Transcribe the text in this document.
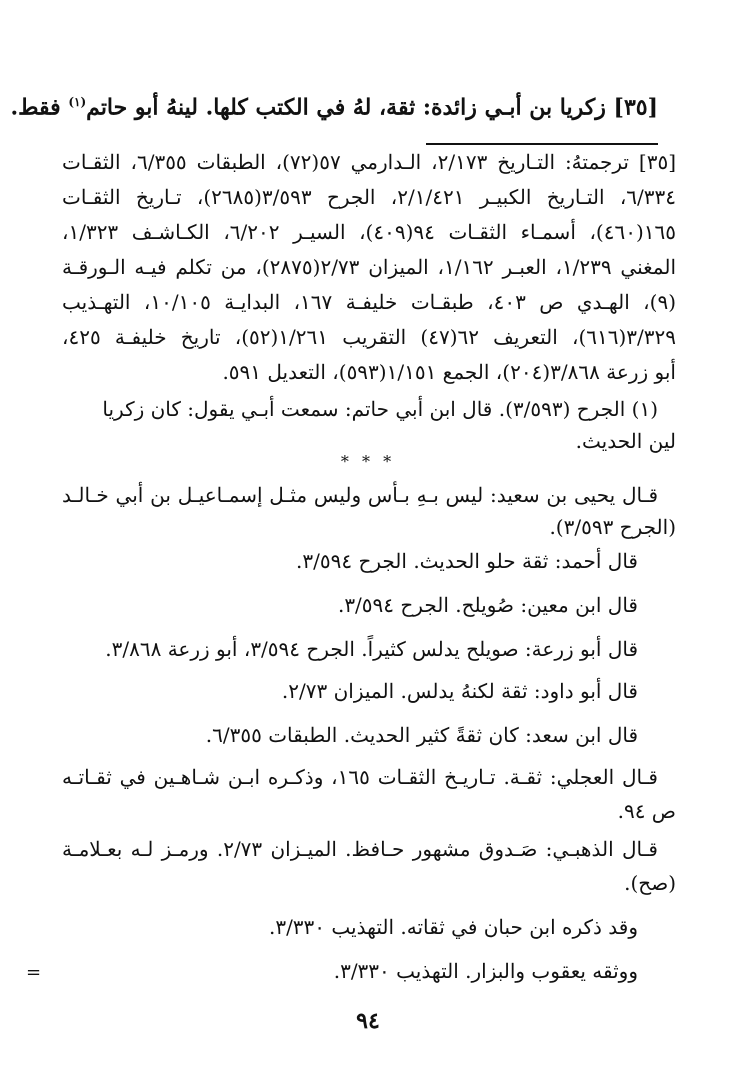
[٣٥] زكريا بن أبـي زائدة: ثقة، لهُ في الكتب كلها. لينهُ أبو حاتم$^{(١)}$ فقط.
[٣٥] ترجمتهُ: التـاريخ ٢/١٧٣، الـدارمي ٥٧(٧٢)، الطبقات ٦/٣٥٥، الثقـات
٦/٣٣٤، التـاريخ الكبيـر ٢/١/٤٢١، الجرح ٣/٥٩٣(٢٦٨٥)، تـاريخ الثقـات
١٦٥(٤٦٠)، أسمـاء الثقـات ٩٤(٤٠٩)، السيـر ٦/٢٠٢، الكـاشـف ١/٣٢٣،
المغني ١/٢٣٩، العبـر ١/١٦٢، الميزان ٢/٧٣(٢٨٧٥)، من تكلم فيـه الـورقـة
(٩)، الهـدي ص ٤٠٣، طبقـات خليفـة ١٦٧، البدايـة ١٠/١٠٥، التهـذيب
٣/٣٢٩(٦١٦)، التعريف ٦٢(٤٧) التقريب ١/٢٦١(٥٢)، تاريخ خليفـة ٤٢٥،
أبو زرعة ٣/٨٦٨(٢٠٤)، الجمع ١/١٥١(٥٩٣)، التعديل ٥٩١.
(١) الجرح (٣/٥٩٣). قال ابن أبي حاتم: سمعت أبـي يقول: كان زكريا
لين الحديث.
* * *
قـال يحيى بن سعيد: ليس بـهِ بـأس وليس مثـل إسمـاعيـل بن أبي خـالـد
(الجرح ٣/٥٩٣).
قال أحمد: ثقة حلو الحديث. الجرح ٣/٥٩٤.
قال ابن معين: صُويلح. الجرح ٣/٥٩٤.
قال أبو زرعة: صويلح يدلس كثيراً. الجرح ٣/٥٩٤، أبو زرعة ٣/٨٦٨.
قال أبو داود: ثقة لكنهُ يدلس. الميزان ٢/٧٣.
قال ابن سعد: كان ثقةً كثير الحديث. الطبقات ٦/٣٥٥.
قـال العجلي: ثقـة. تـاريـخ الثقـات ١٦٥، وذكـره ابـن شـاهـين في ثقـاتـه
ص ٩٤.
قـال الذهبـي: صَـدوق مشهور حـافظ. الميـزان ٢/٧٣. ورمـز لـه بعـلامـة
(صح).
وقد ذكره ابن حبان في ثقاته. التهذيب ٣/٣٣٠.
ووثقه يعقوب والبزار. التهذيب ٣/٣٣٠.
=
٩٤
